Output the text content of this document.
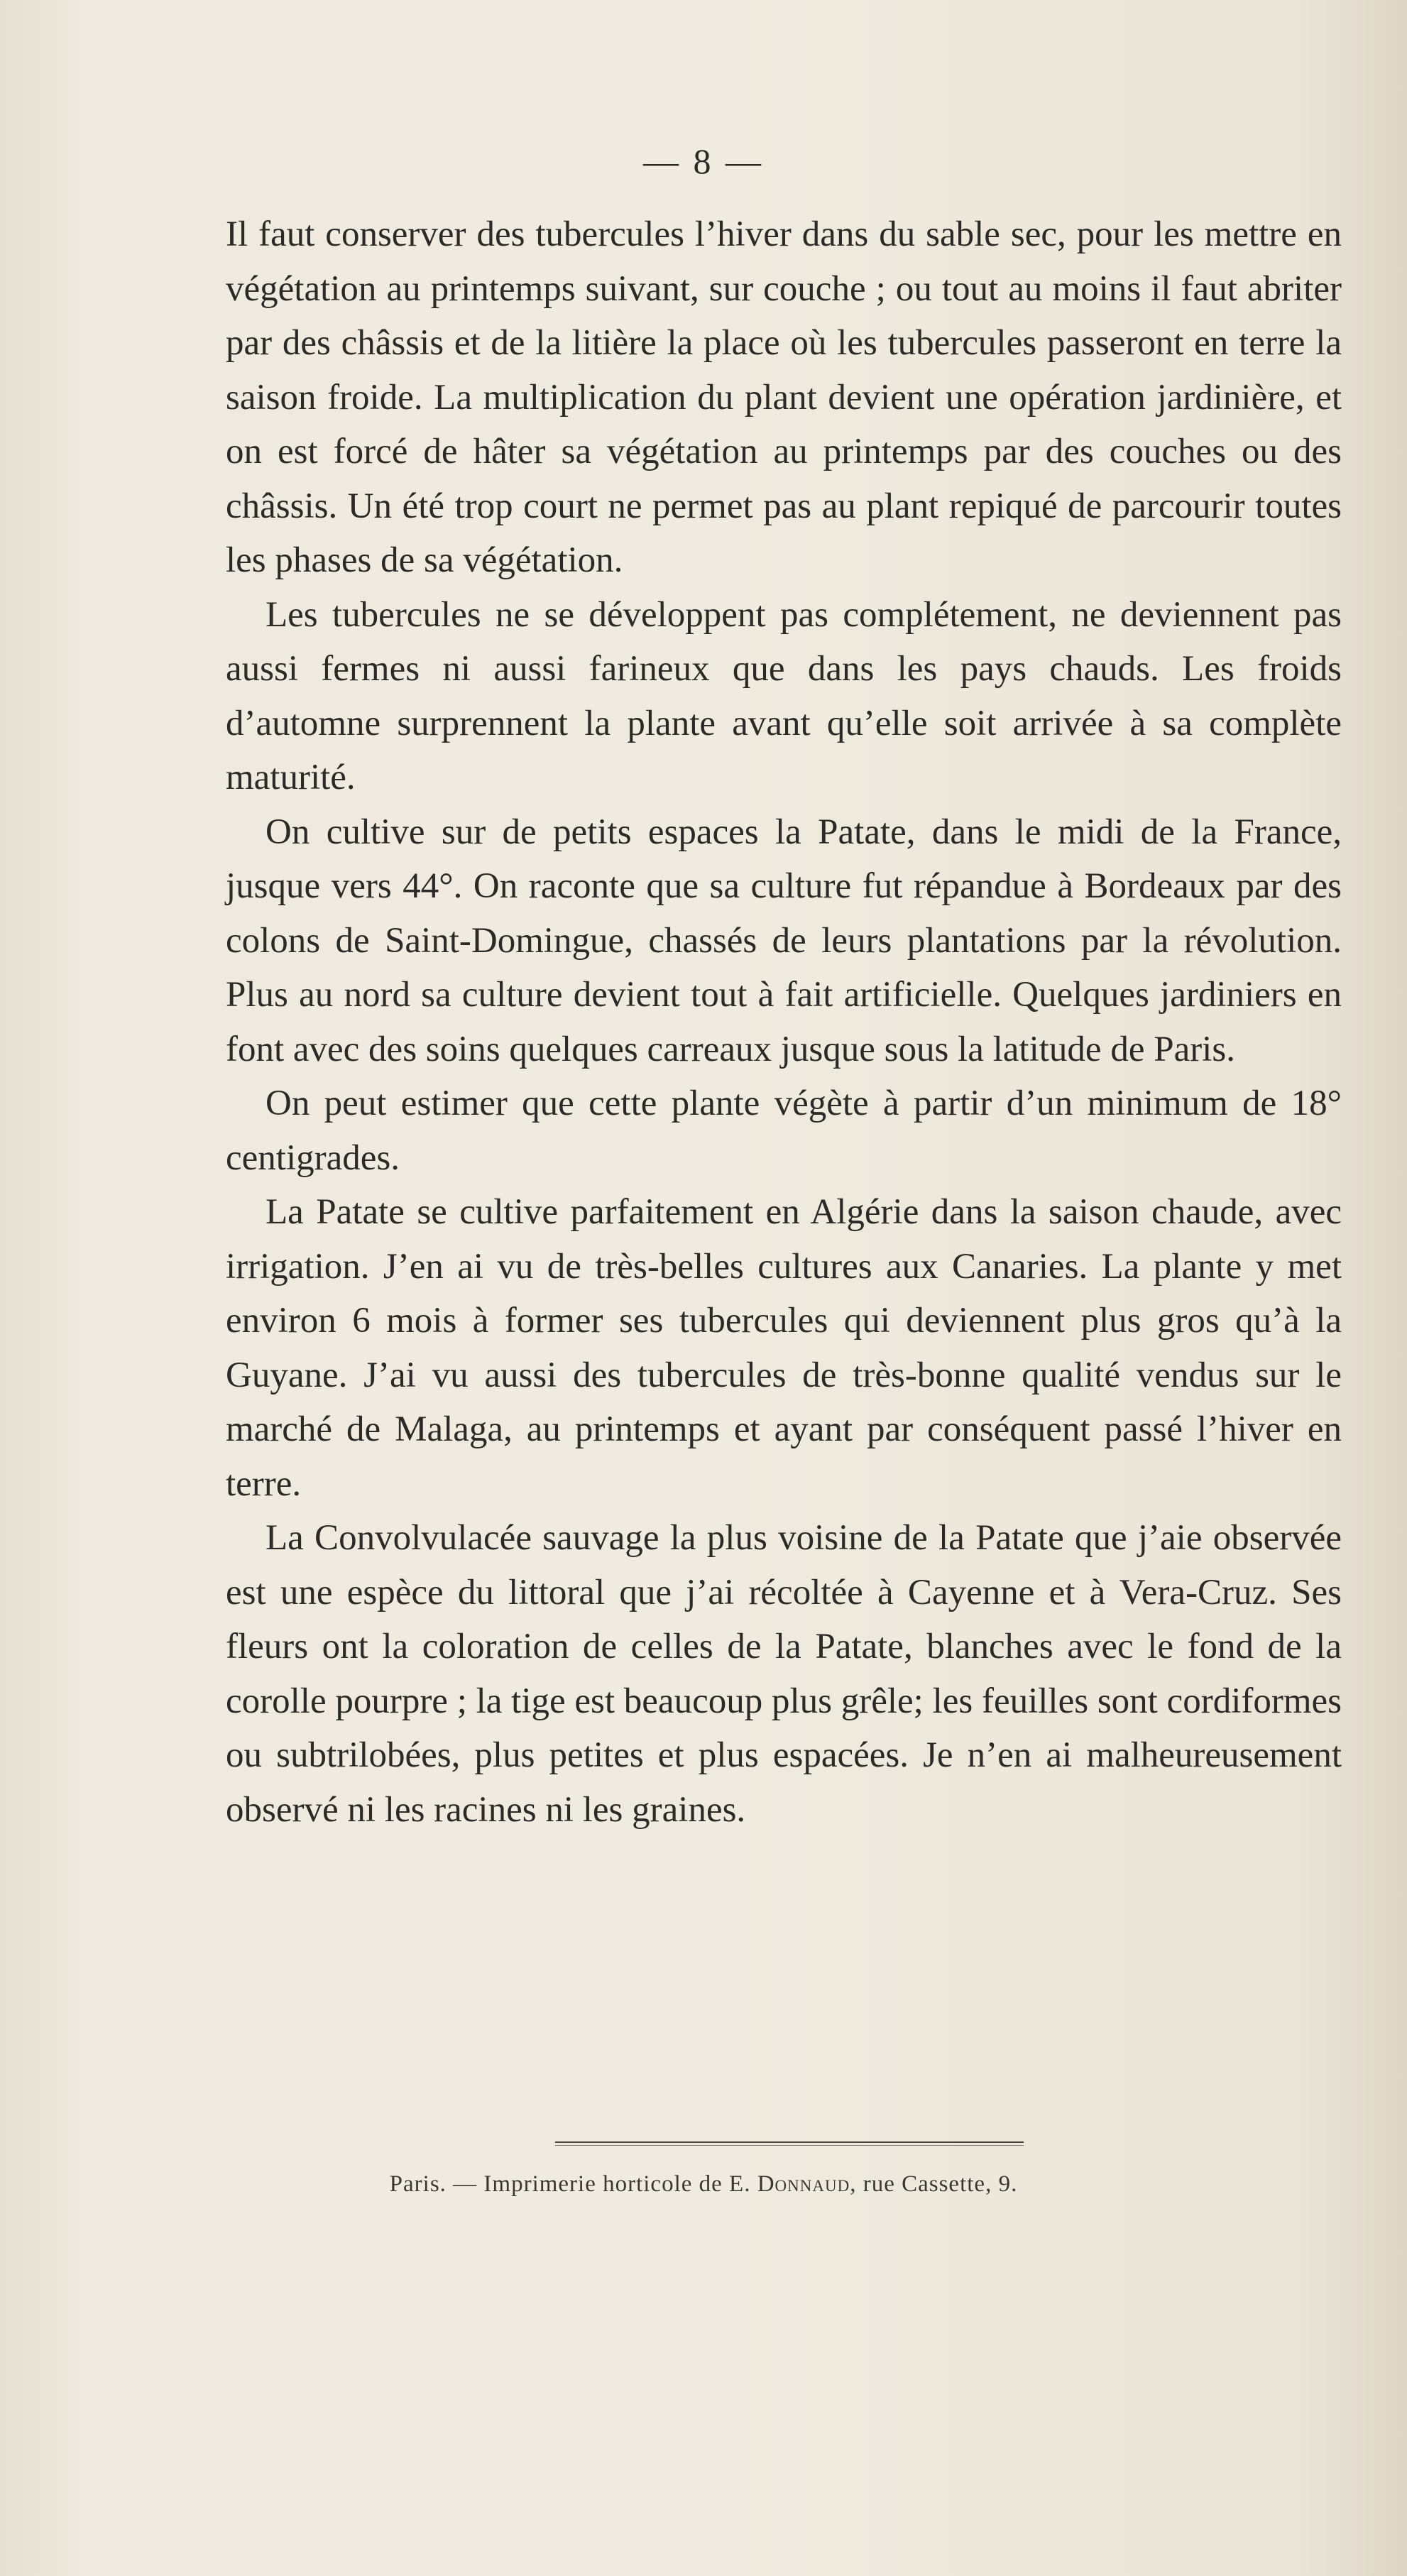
— 8 —

Il faut conserver des tubercules l’hiver dans du sable sec, pour les mettre en végétation au printemps suivant, sur couche ; ou tout au moins il faut abriter par des châssis et de la litière la place où les tubercules passeront en terre la saison froide. La multiplication du plant devient une opération jardinière, et on est forcé de hâter sa végétation au printemps par des couches ou des châssis. Un été trop court ne permet pas au plant repiqué de parcourir toutes les phases de sa végétation.

Les tubercules ne se développent pas complétement, ne deviennent pas aussi fermes ni aussi farineux que dans les pays chauds. Les froids d’automne surprennent la plante avant qu’elle soit arrivée à sa complète maturité.

On cultive sur de petits espaces la Patate, dans le midi de la France, jusque vers 44°. On raconte que sa culture fut répandue à Bordeaux par des colons de Saint-Domingue, chassés de leurs plantations par la révolution. Plus au nord sa culture devient tout à fait artificielle. Quelques jardiniers en font avec des soins quelques carreaux jusque sous la latitude de Paris.

On peut estimer que cette plante végète à partir d’un minimum de 18° centigrades.

La Patate se cultive parfaitement en Algérie dans la saison chaude, avec irrigation. J’en ai vu de très-belles cultures aux Canaries. La plante y met environ 6 mois à former ses tubercules qui deviennent plus gros qu’à la Guyane. J’ai vu aussi des tubercules de très-bonne qualité vendus sur le marché de Malaga, au printemps et ayant par conséquent passé l’hiver en terre.

La Convolvulacée sauvage la plus voisine de la Patate que j’aie observée est une espèce du littoral que j’ai récoltée à Cayenne et à Vera-Cruz. Ses fleurs ont la coloration de celles de la Patate, blanches avec le fond de la corolle pourpre ; la tige est beaucoup plus grêle; les feuilles sont cordiformes ou subtrilobées, plus petites et plus espacées. Je n’en ai malheureusement observé ni les racines ni les graines.

Paris. — Imprimerie horticole de E. Donnaud, rue Cassette, 9.
